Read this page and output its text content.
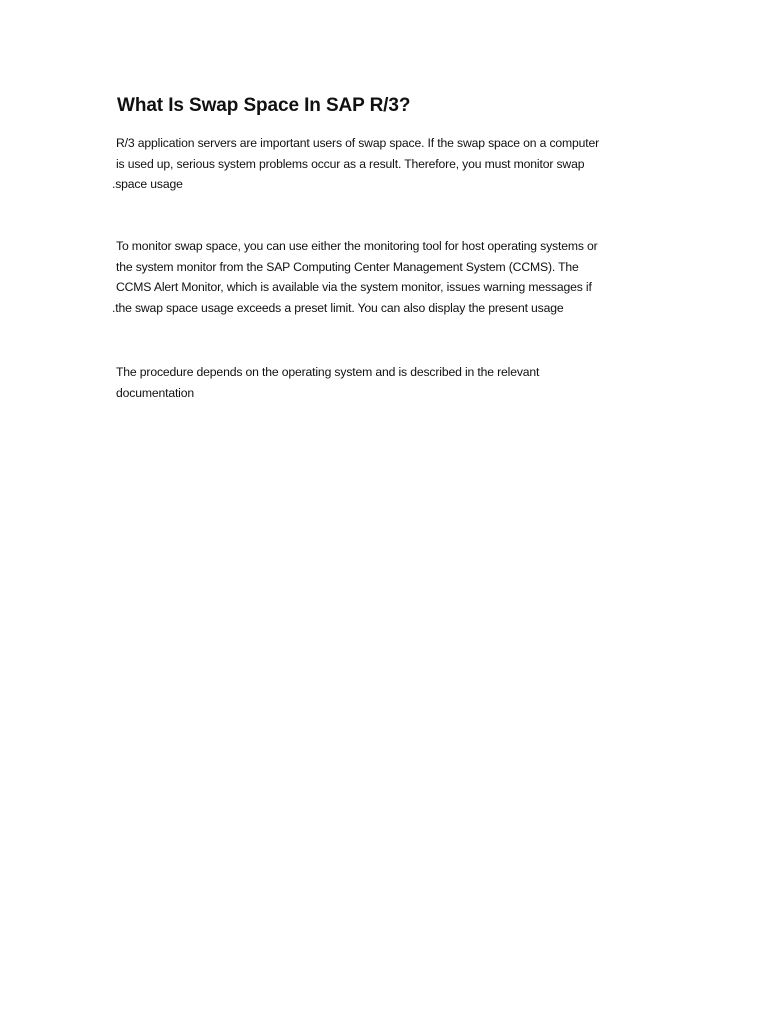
What Is Swap Space In SAP R/3?

R/3 application servers are important users of swap space. If the swap space on a computer
is used up, serious system problems occur as a result. Therefore, you must monitor swap
.space usage

To monitor swap space, you can use either the monitoring tool for host operating systems or
the system monitor from the SAP Computing Center Management System (CCMS). The
CCMS Alert Monitor, which is available via the system monitor, issues warning messages if
.the swap space usage exceeds a preset limit. You can also display the present usage

The procedure depends on the operating system and is described in the relevant
documentation
